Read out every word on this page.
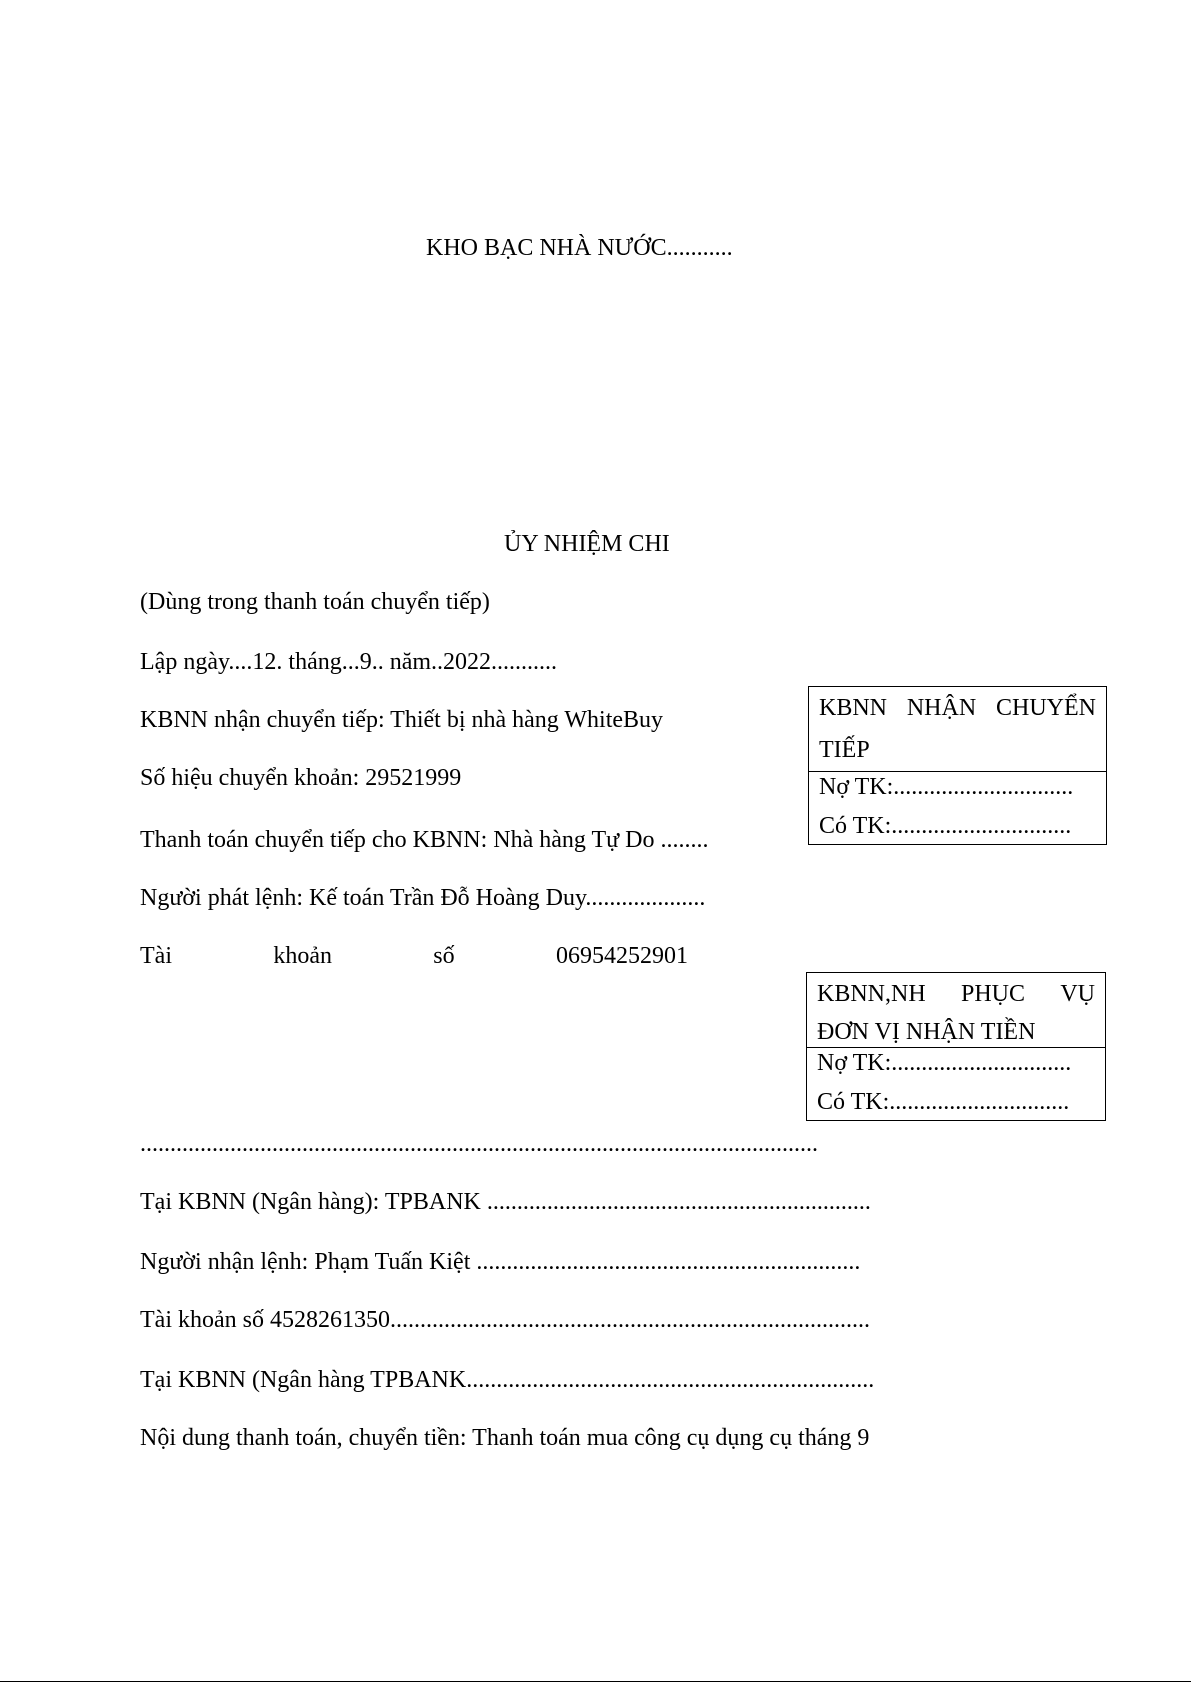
KHO BẠC NHÀ NƯỚC...........
ỦY NHIỆM CHI
(Dùng trong thanh toán chuyển tiếp)
Lập ngày....12. tháng...9.. năm..2022...........
KBNN nhận chuyển tiếp: Thiết bị nhà hàng WhiteBuy
Số hiệu chuyển khoản: 29521999
Thanh toán chuyển tiếp cho KBNN: Nhà hàng Tự Do ........
Người phát lệnh: Kế toán Trần Đỗ Hoàng Duy....................
Tài	khoản	số	06954252901
.................................................................................................................
Tại KBNN (Ngân hàng): TPBANK ................................................................
Người nhận lệnh: Phạm Tuấn Kiệt ................................................................
Tài khoản số 4528261350................................................................................
Tại KBNN (Ngân hàng TPBANK....................................................................
Nội dung thanh toán, chuyển tiền: Thanh toán mua công cụ dụng cụ tháng 9
KBNN NHẬN CHUYỂN
TIẾP
Nợ TK:..............................
Có TK:..............................
KBNN,NH PHỤC VỤ
ĐƠN VỊ NHẬN TIỀN
Nợ TK:..............................
Có TK:..............................
